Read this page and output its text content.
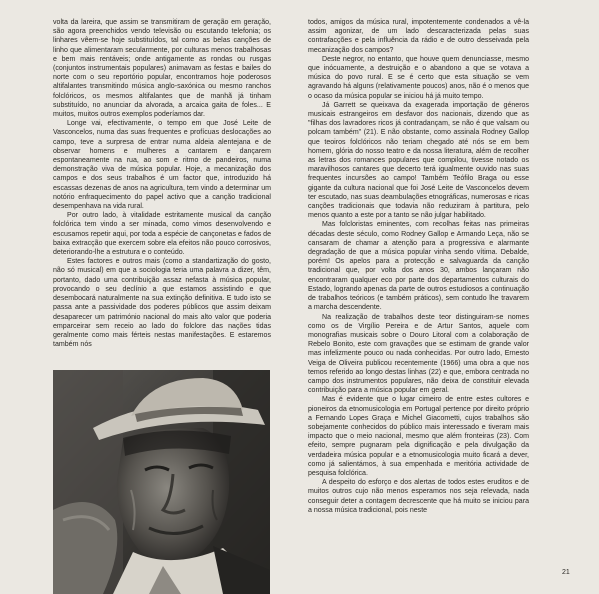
volta da lareira, que assim se transmitiram de geração em geração, são agora preenchidos vendo televisão ou escutando telefonia; os linhares vêem-se hoje substituídos, tal como as belas canções de linho que alimentaram secularmente, por culturas menos trabalhosas e bem mais rentáveis; onde antigamente as rondas ou rusgas (conjuntos instrumentais populares) animavam as festas e bailes do norte com o seu reportório popular, encontramos hoje poderosos altifalantes transmitindo música anglo-saxónica ou mesmo ranchos folclóricos, os mesmos altifalantes que de manhã já tinham substituído, no anunciar da alvorada, a arcaica gaita de foles... E muitos, muitos outros exemplos poderíamos dar.

Longe vai, efectivamente, o tempo em que José Leite de Vasconcelos, numa das suas frequentes e profícuas deslocações ao campo, teve a surpresa de entrar numa aldeia alentejana e de observar homens e mulheres a cantarem e dançarem espontaneamente na rua, ao som e ritmo de pandeiros, numa demonstração viva de música popular. Hoje, a mecanização dos campos e dos seus trabalhos é um factor que, introduzido há escassas dezenas de anos na agricultura, tem vindo a determinar um notório enfraquecimento do papel activo que a canção tradicional desempenhava na vida rural.

Por outro lado, à vitalidade estritamente musical da canção folclórica tem vindo a ser minada, como vimos desenvolvendo e escusamos repetir aqui, por toda a espécie de cançonetas e fados de baixa extracção que exercem sobre ela efeitos não pouco corrosivos, deteriorando-lhe a estrutura e o conteúdo.

Estes factores e outros mais (como a standartização do gosto, não só musical) em que a sociologia teria uma palavra a dizer, têm, portanto, dado uma contribuição assaz nefasta à música popular, provocando o seu declínio a que estamos assistindo e que desembocará naturalmente na sua extinção definitiva. E tudo isto se passa ante a passividade dos poderes públicos que assim deixam desaparecer um património nacional do mais alto valor que poderia emparceirar sem receio ao lado do folclore das nações tidas geralmente como mais férteis nestas manifestações. E estaremos também nós

todos, amigos da música rural, impotentemente condenados a vê-la assim agonizar, de um lado descaracterizada pelas suas contrafacções e pela influência da rádio e de outro desseivada pela mecanização dos campos?

Deste negror, no entanto, que houve quem denunciasse, mesmo que inócuamente, a destruição e o abandono a que se votava a música do povo rural. E se é certo que esta situação se vem agravando há alguns (relativamente poucos) anos, não é o menos que o ocaso da música popular se iniciou há já muito tempo.

Já Garrett se queixava da exagerada importação de géneros musicais estrangeiros em desfavor dos nacionais, dizendo que as "filhas dos lavradores ricos já contradançam, se não é que valsam ou polcam também" (21). E não obstante, como assinala Rodney Gallop que teoiros folclóricos não teriam chegado até nós se em bem homem, glória do nosso teatro e da nossa literatura, além de recolher as letras dos romances populares que compilou, tivesse notado os maravilhosos cantares que decerto terá igualmente ouvido nas suas frequentes incursões ao campo! Também Teófilo Braga ou esse gigante da cultura nacional que foi José Leite de Vasconcelos devem ter escutado, nas suas deambulações etnográficas, numerosas e ricas canções tradicionais que todavia não reduziram à partitura, pelo menos quanto a este por a tanto se não julgar habilitado.

Mas folcloristas eminentes, com recolhas feitas nas primeiras décadas deste século, como Rodney Gallop e Armando Leça, não se cansaram de chamar a atenção para a progressiva e alarmante degradação de que a música popular vinha sendo vítima. Debalde, porém! Os apelos para a protecção e salvaguarda da canção tradicional que, por volta dos anos 30, ambos lançaram não encontraram qualquer eco por parte dos departamentos culturais do Estado, logrando apenas da parte de outros estudiosos a continuação de trabalhos teóricos (e também práticos), sem contudo lhe travarem a marcha descendente.

Na realização de trabalhos deste teor distinguiram-se nomes como os de Virgílio Pereira e de Artur Santos, aquele com monografias musicais sobre o Douro Litoral com a colaboração de Rebelo Bonito, este com gravações que se estimam de grande valor mas infelizmente pouco ou nada conhecidas. Por outro lado, Ernesto Veiga de Oliveira publicou recentemente (1966) uma obra a que nos temos referido ao longo destas linhas (22) e que, embora centrada no campo dos instrumentos populares, não deixa de constituir elevada contribuição para a música popular em geral.

Mas é evidente que o lugar cimeiro de entre estes cultores e pioneiros da etnomusicologia em Portugal pertence por direito próprio a Fernando Lopes Graça e Michel Giacometti, cujos trabalhos são sobejamente conhecidos do público mais interessado e tiveram mais impacto que o meio nacional, mesmo que além fronteiras (23). Com efeito, sempre pugnaram pela dignificação e pela divulgação da verdadeira música popular e a etnomusicologia muito ficará a dever, como já salientámos, à sua empenhada e meritória actividade de pesquisa folclórica.

A despeito do esforço e dos alertas de todos estes eruditos e de muitos outros cujo não menos esperamos nos seja relevada, nada conseguir deter a contagem decrescente que há muito se iniciou para a nossa música tradicional, pois neste

21
